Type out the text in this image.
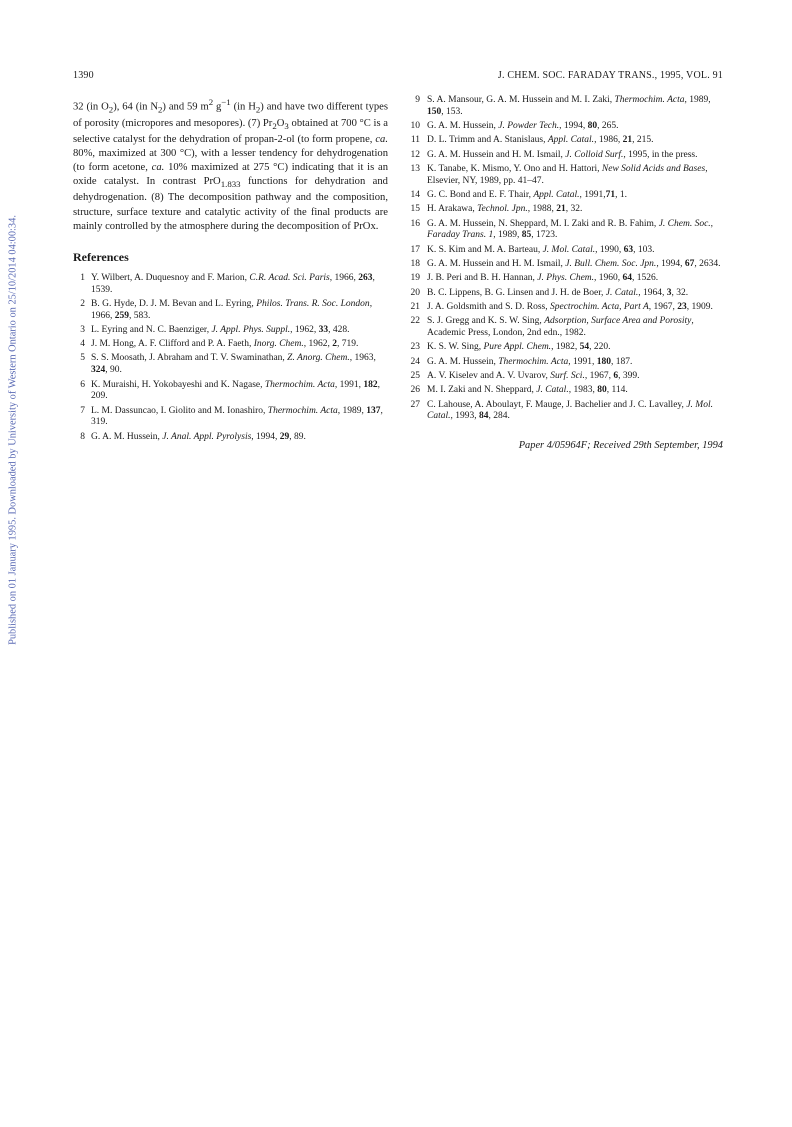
Published on 01 January 1995. Downloaded by University of Western Ontario on 25/10/2014 04:00:34.
1390	J. CHEM. SOC. FARADAY TRANS., 1995, VOL. 91

32 (in $O_2$), 64 (in $N_2$) and 59 $m^2$ $g^{-1}$ (in $H_2$) and have two different types of porosity (micropores and mesopores). (7) $Pr_2O_3$ obtained at 700 °C is a selective catalyst for the dehydration of propan-2-ol (to form propene, ca. 80%, maximized at 300 °C), with a lesser tendency for dehydrogenation (to form acetone, ca. 10% maximized at 275 °C) indicating that it is an oxide catalyst. In contrast PrO$_{1.833}$ functions for dehydration and dehydrogenation. (8) The decomposition pathway and the composition, structure, surface texture and catalytic activity of the final products are mainly controlled by the atmosphere during the decomposition of PrOx.

References
1 Y. Wilbert, A. Duquesnoy and F. Marion, C.R. Acad. Sci. Paris, 1966, 263, 1539.
2 B. G. Hyde, D. J. M. Bevan and L. Eyring, Philos. Trans. R. Soc. London, 1966, 259, 583.
3 L. Eyring and N. C. Baenziger, J. Appl. Phys. Suppl., 1962, 33, 428.
4 J. M. Hong, A. F. Clifford and P. A. Faeth, Inorg. Chem., 1962, 2, 719.
5 S. S. Moosath, J. Abraham and T. V. Swaminathan, Z. Anorg. Chem., 1963, 324, 90.
6 K. Muraishi, H. Yokobayeshi and K. Nagase, Thermochim. Acta, 1991, 182, 209.
7 L. M. Dassuncao, I. Giolito and M. Ionashiro, Thermochim. Acta, 1989, 137, 319.
8 G. A. M. Hussein, J. Anal. Appl. Pyrolysis, 1994, 29, 89.
9 S. A. Mansour, G. A. M. Hussein and M. I. Zaki, Thermochim. Acta, 1989, 150, 153.
10 G. A. M. Hussein, J. Powder Tech., 1994, 80, 265.
11 D. L. Trimm and A. Stanislaus, Appl. Catal., 1986, 21, 215.
12 G. A. M. Hussein and H. M. Ismail, J. Colloid Surf., 1995, in the press.
13 K. Tanabe, K. Mismo, Y. Ono and H. Hattori, New Solid Acids and Bases, Elsevier, NY, 1989, pp. 41–47.
14 G. C. Bond and E. F. Thair, Appl. Catal., 1991,71, 1.
15 H. Arakawa, Technol. Jpn., 1988, 21, 32.
16 G. A. M. Hussein, N. Sheppard, M. I. Zaki and R. B. Fahim, J. Chem. Soc., Faraday Trans. 1, 1989, 85, 1723.
17 K. S. Kim and M. A. Barteau, J. Mol. Catal., 1990, 63, 103.
18 G. A. M. Hussein and H. M. Ismail, J. Bull. Chem. Soc. Jpn., 1994, 67, 2634.
19 J. B. Peri and B. H. Hannan, J. Phys. Chem., 1960, 64, 1526.
20 B. C. Lippens, B. G. Linsen and J. H. de Boer, J. Catal., 1964, 3, 32.
21 J. A. Goldsmith and S. D. Ross, Spectrochim. Acta, Part A, 1967, 23, 1909.
22 S. J. Gregg and K. S. W. Sing, Adsorption, Surface Area and Porosity, Academic Press, London, 2nd edn., 1982.
23 K. S. W. Sing, Pure Appl. Chem., 1982, 54, 220.
24 G. A. M. Hussein, Thermochim. Acta, 1991, 180, 187.
25 A. V. Kiselev and A. V. Uvarov, Surf. Sci., 1967, 6, 399.
26 M. I. Zaki and N. Sheppard, J. Catal., 1983, 80, 114.
27 C. Lahouse, A. Aboulayt, F. Mauge, J. Bachelier and J. C. Lavalley, J. Mol. Catal., 1993, 84, 284.
Paper 4/05964F; Received 29th September, 1994
